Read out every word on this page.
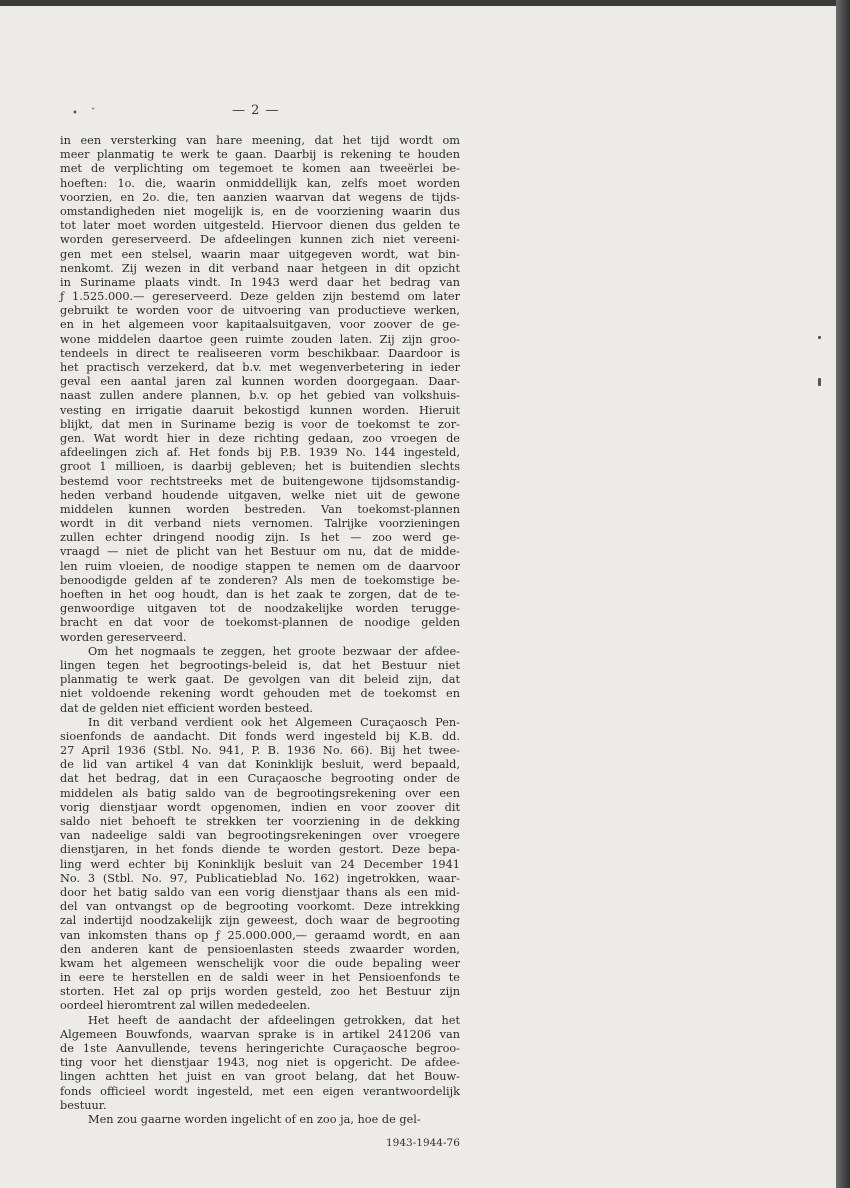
•    ˇ	— 2 —
in een versterking van hare meening, dat het tijd wordt om
meer planmatig te werk te gaan. Daarbij is rekening te houden
met de verplichting om tegemoet te komen aan tweeërlei be-
hoeften: 1o. die, waarin onmiddellijk kan, zelfs moet worden
voorzien, en 2o. die, ten aanzien waarvan dat wegens de tijds-
omstandigheden niet mogelijk is, en de voorziening waarin dus
tot later moet worden uitgesteld. Hiervoor dienen dus gelden te
worden gereserveerd. De afdeelingen kunnen zich niet vereeni-
gen met een stelsel, waarin maar uitgegeven wordt, wat bin-
nenkomt. Zij wezen in dit verband naar hetgeen in dit opzicht
in Suriname plaats vindt. In 1943 werd daar het bedrag van
ƒ 1.525.000.— gereserveerd. Deze gelden zijn bestemd om later
gebruikt te worden voor de uitvoering van productieve werken,
en in het algemeen voor kapitaalsuitgaven, voor zoover de ge-
wone middelen daartoe geen ruimte zouden laten. Zij zijn groo-
tendeels in direct te realiseeren vorm beschikbaar. Daardoor is
het practisch verzekerd, dat b.v. met wegenverbetering in ieder
geval een aantal jaren zal kunnen worden doorgegaan. Daar-
naast zullen andere plannen, b.v. op het gebied van volkshuis-
vesting en irrigatie daaruit bekostigd kunnen worden. Hieruit
blijkt, dat men in Suriname bezig is voor de toekomst te zor-
gen. Wat wordt hier in deze richting gedaan, zoo vroegen de
afdeelingen zich af. Het fonds bij P.B. 1939 No. 144 ingesteld,
groot 1 millioen, is daarbij gebleven; het is buitendien slechts
bestemd voor rechtstreeks met de buitengewone tijdsomstandig-
heden verband houdende uitgaven, welke niet uit de gewone
middelen kunnen worden bestreden. Van toekomst-plannen
wordt in dit verband niets vernomen. Talrijke voorzieningen
zullen echter dringend noodig zijn. Is het — zoo werd ge-
vraagd — niet de plicht van het Bestuur om nu, dat de midde-
len ruim vloeien, de noodige stappen te nemen om de daarvoor
benoodigde gelden af te zonderen? Als men de toekomstige be-
hoeften in het oog houdt, dan is het zaak te zorgen, dat de te-
genwoordige uitgaven tot de noodzakelijke worden terugge-
bracht en dat voor de toekomst-plannen de noodige gelden
worden gereserveerd.
Om het nogmaals te zeggen, het groote bezwaar der afdee-
lingen tegen het begrootings-beleid is, dat het Bestuur niet
planmatig te werk gaat. De gevolgen van dit beleid zijn, dat
niet voldoende rekening wordt gehouden met de toekomst en
dat de gelden niet efficient worden besteed.
In dit verband verdient ook het Algemeen Curaçaosch Pen-
sioenfonds de aandacht. Dit fonds werd ingesteld bij K.B. dd.
27 April 1936 (Stbl. No. 941, P. B. 1936 No. 66). Bij het twee-
de lid van artikel 4 van dat Koninklijk besluit, werd bepaald,
dat het bedrag, dat in een Curaçaosche begrooting onder de
middelen als batig saldo van de begrootingsrekening over een
vorig dienstjaar wordt opgenomen, indien en voor zoover dit
saldo niet behoeft te strekken ter voorziening in de dekking
van nadeelige saldi van begrootingsrekeningen over vroegere
dienstjaren, in het fonds diende te worden gestort. Deze bepa-
ling werd echter bij Koninklijk besluit van 24 December 1941
No. 3 (Stbl. No. 97, Publicatieblad No. 162) ingetrokken, waar-
door het batig saldo van een vorig dienstjaar thans als een mid-
del van ontvangst op de begrooting voorkomt. Deze intrekking
zal indertijd noodzakelijk zijn geweest, doch waar de begrooting
van inkomsten thans op ƒ 25.000.000,— geraamd wordt, en aan
den anderen kant de pensioenlasten steeds zwaarder worden,
kwam het algemeen wenschelijk voor die oude bepaling weer
in eere te herstellen en de saldi weer in het Pensioenfonds te
storten. Het zal op prijs worden gesteld, zoo het Bestuur zijn
oordeel hieromtrent zal willen mededeelen.
Het heeft de aandacht der afdeelingen getrokken, dat het
Algemeen Bouwfonds, waarvan sprake is in artikel 241206 van
de 1ste Aanvullende, tevens heringerichte Curaçaosche begroo-
ting voor het dienstjaar 1943, nog niet is opgericht. De afdee-
lingen achtten het juist en van groot belang, dat het Bouw-
fonds officieel wordt ingesteld, met een eigen verantwoordelijk
bestuur.
Men zou gaarne worden ingelicht of en zoo ja, hoe de gel-
1943-1944-76
